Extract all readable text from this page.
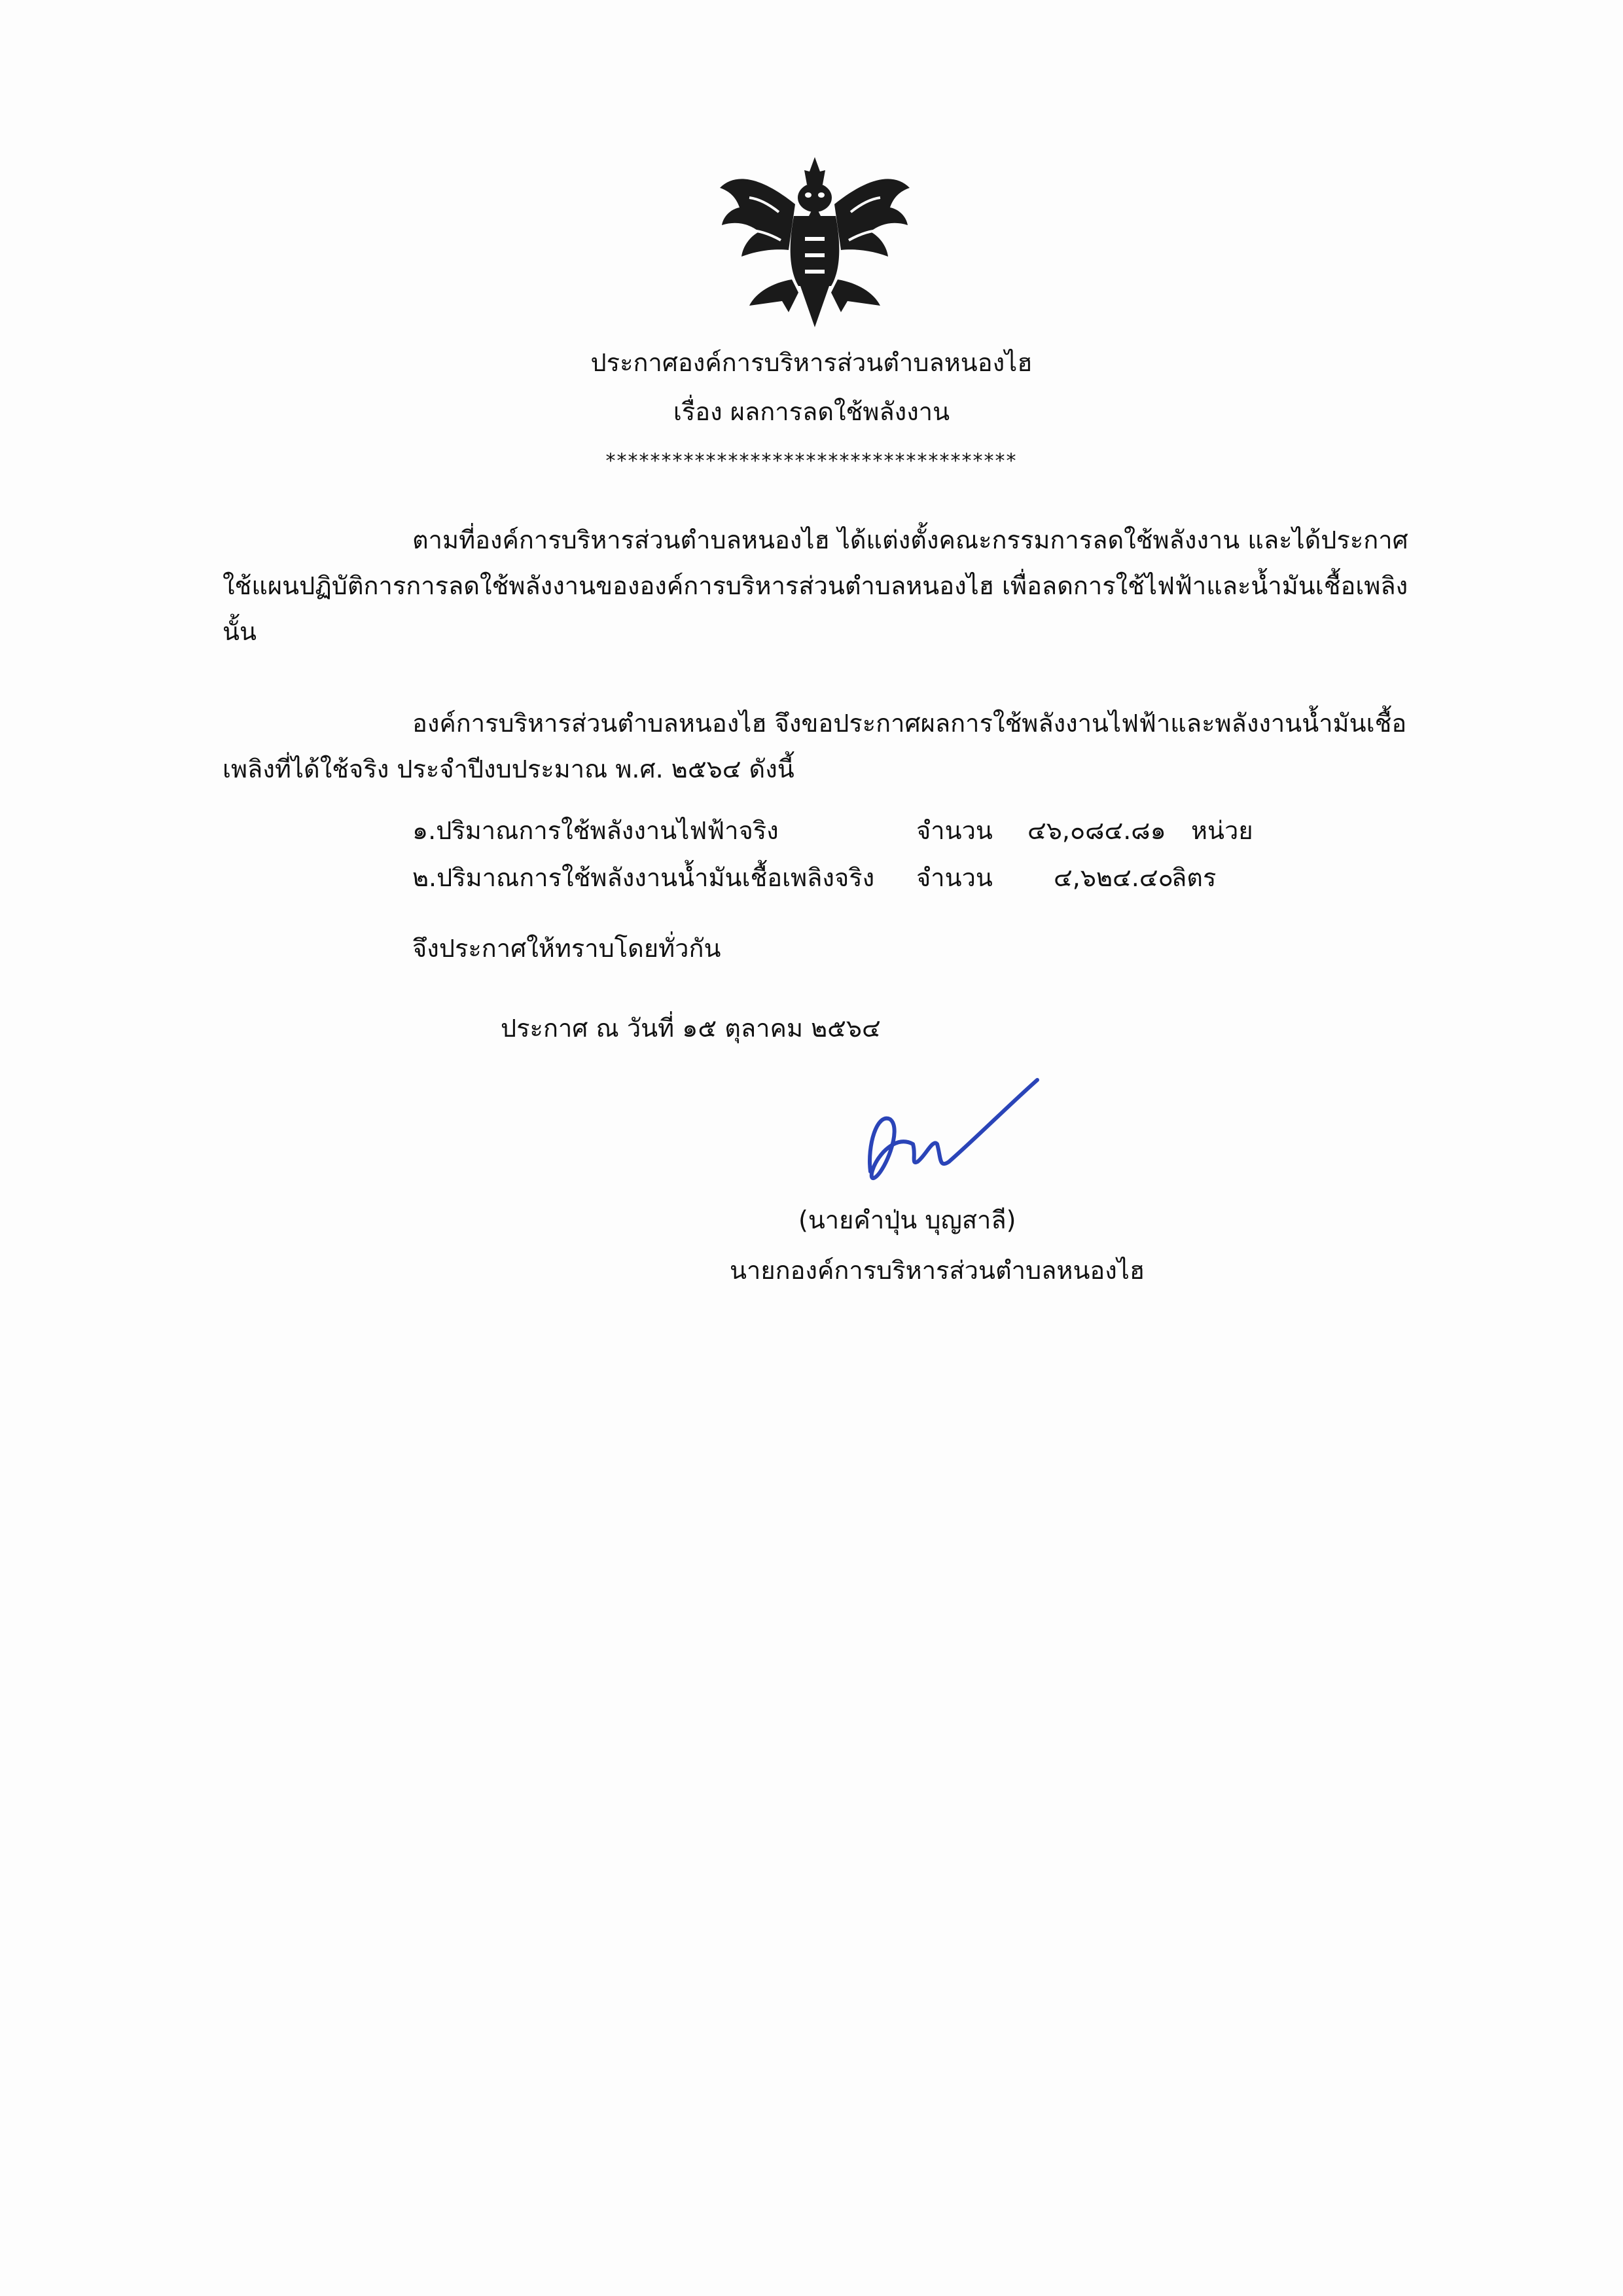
ประกาศองค์การบริหารส่วนตำบลหนองไฮ
เรื่อง ผลการลดใช้พลังงาน
*************************************
ตามที่องค์การบริหารส่วนตำบลหนองไฮ ได้แต่งตั้งคณะกรรมการลดใช้พลังงาน และได้ประกาศใช้แผนปฏิบัติการการลดใช้พลังงานขององค์การบริหารส่วนตำบลหนองไฮ เพื่อลดการใช้ไฟฟ้าและน้ำมันเชื้อเพลิง นั้น
องค์การบริหารส่วนตำบลหนองไฮ จึงขอประกาศผลการใช้พลังงานไฟฟ้าและพลังงานน้ำมันเชื้อเพลิงที่ได้ใช้จริง ประจำปีงบประมาณ พ.ศ. ๒๕๖๔ ดังนี้
๑.ปริมาณการใช้พลังงานไฟฟ้าจริง	จำนวน ๔๖,๐๘๔.๘๑ หน่วย
๒.ปริมาณการใช้พลังงานน้ำมันเชื้อเพลิงจริง จำนวน ๔,๖๒๔.๔๐
ลิตร
จึงประกาศให้ทราบโดยทั่วกัน
ประกาศ ณ วันที่ ๑๕ ตุลาคม ๒๕๖๔
(นายคำปุ่น บุญสาลี)
นายกองค์การบริหารส่วนตำบลหนองไฮ
